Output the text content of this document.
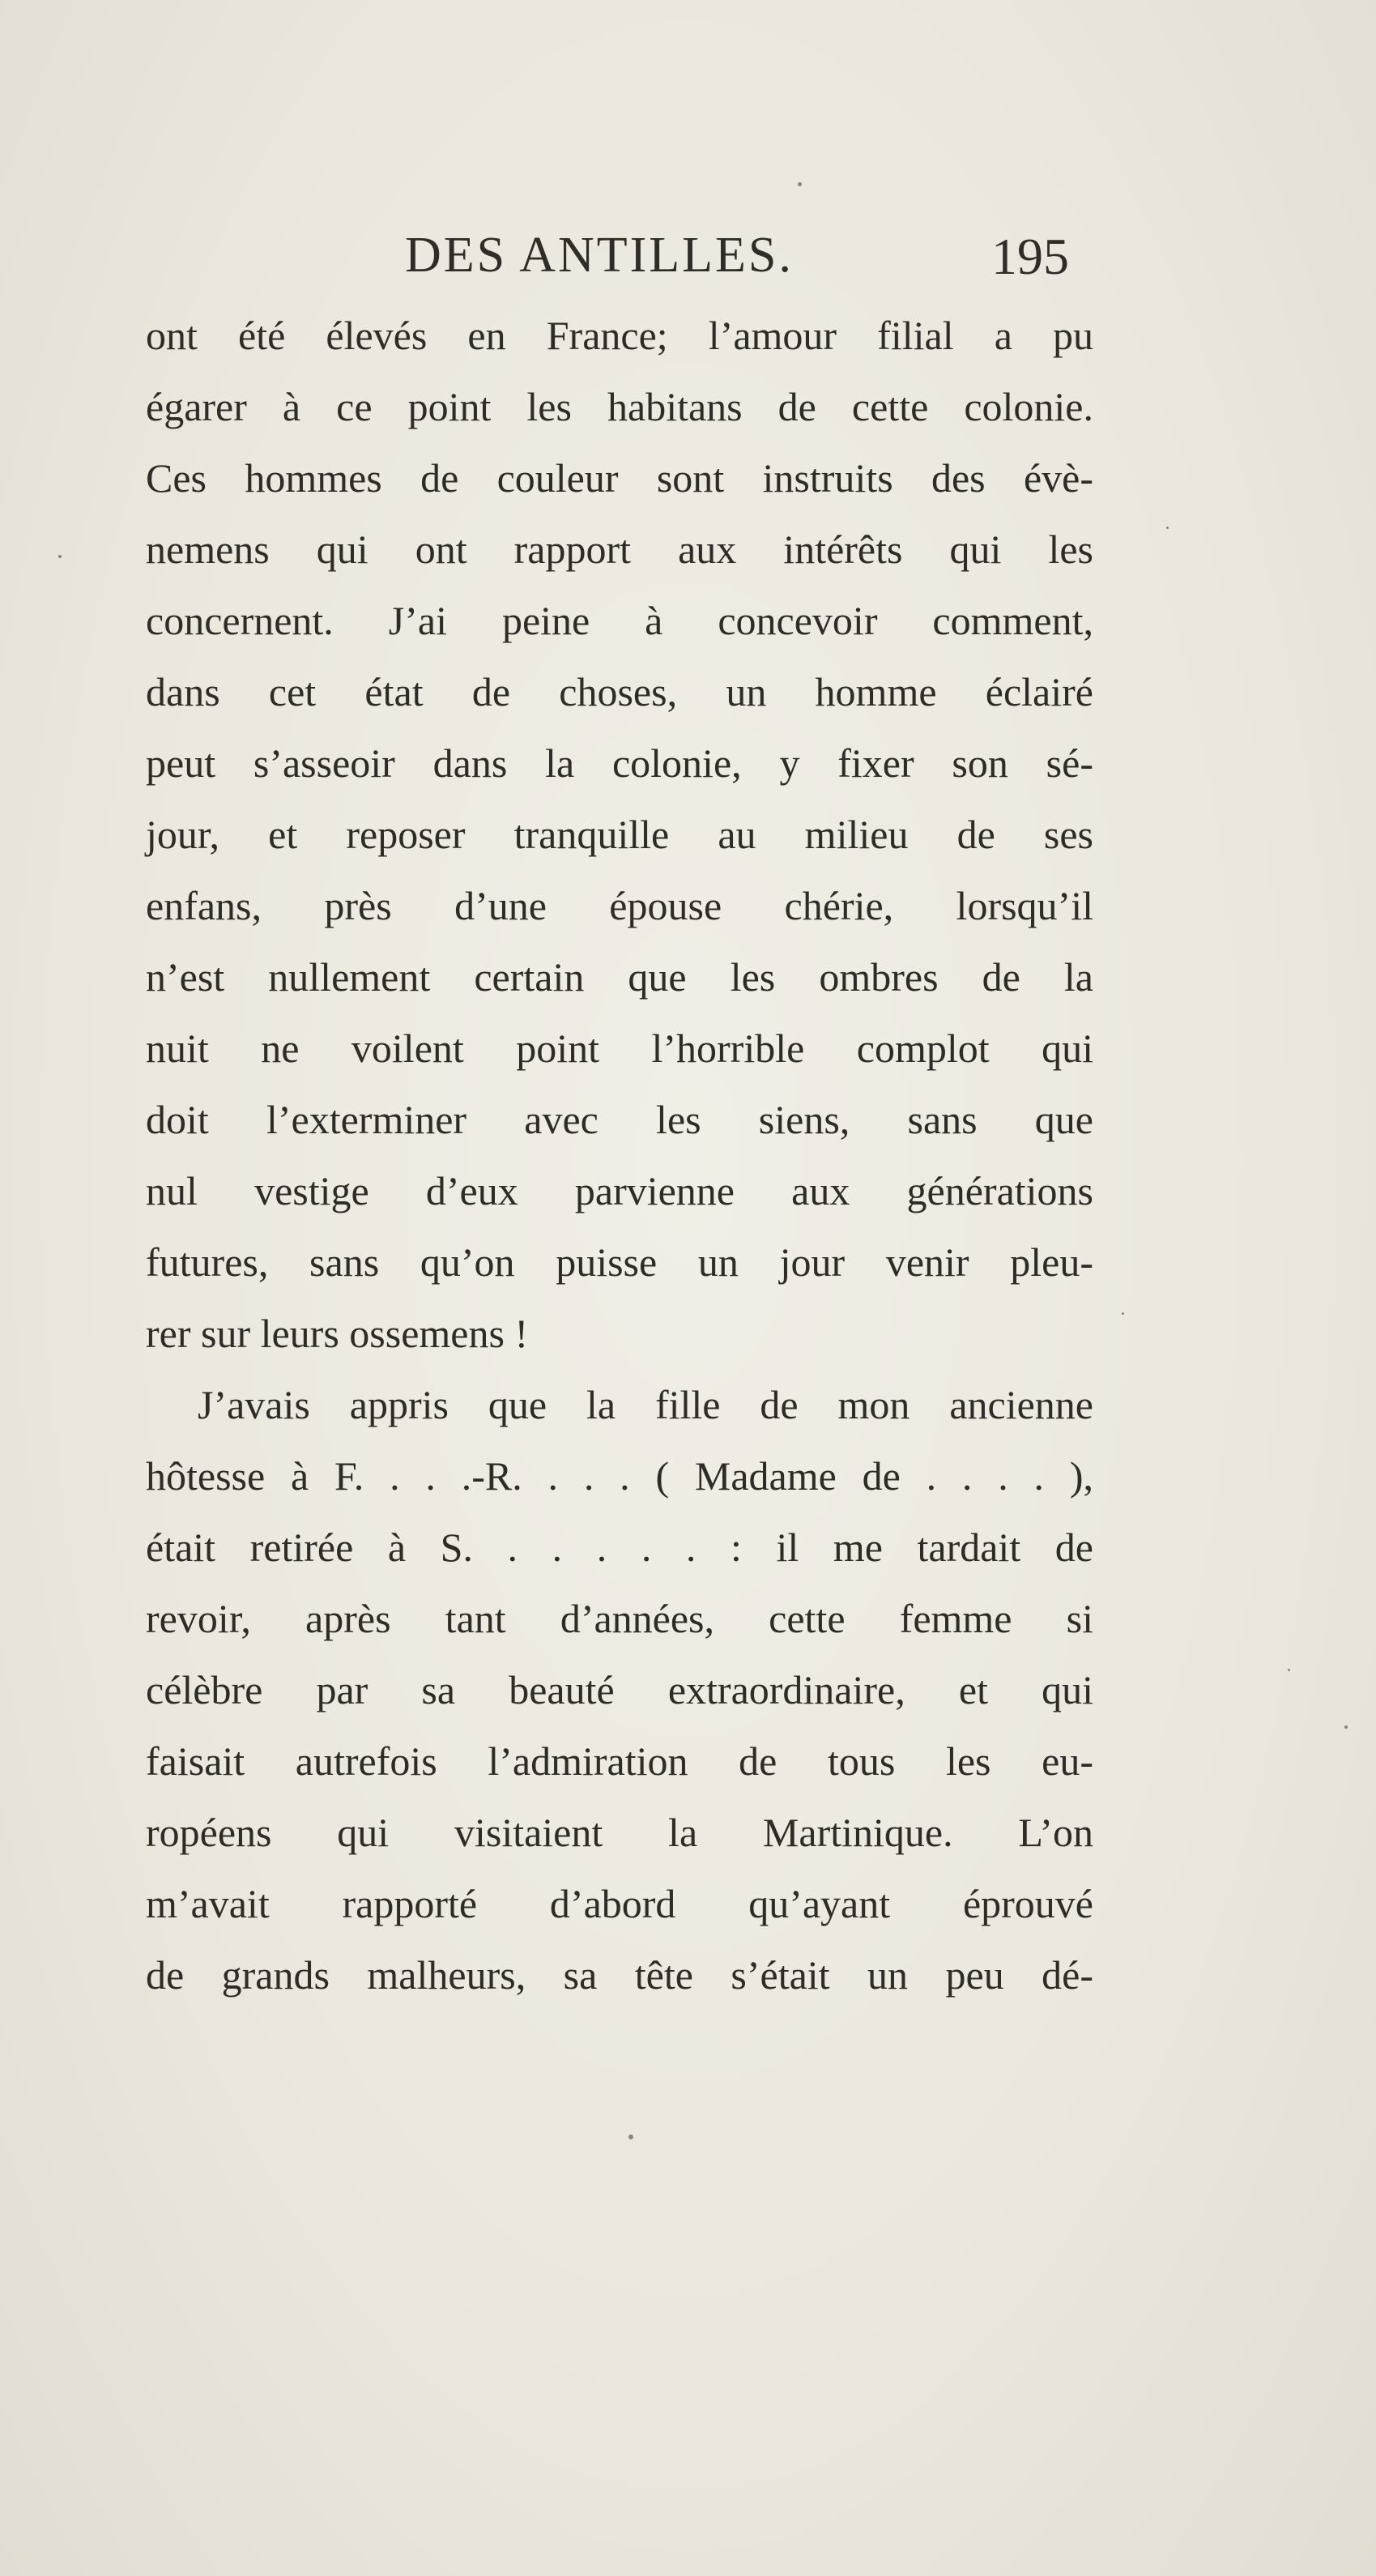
DES ANTILLES.	195
ont été élevés en France; l’amour filial a pu
égarer à ce point les habitans de cette colonie.
Ces hommes de couleur sont instruits des évè-
nemens qui ont rapport aux intérêts qui les
concernent. J’ai peine à concevoir comment,
dans cet état de choses, un homme éclairé
peut s’asseoir dans la colonie, y fixer son sé-
jour, et reposer tranquille au milieu de ses
enfans, près d’une épouse chérie, lorsqu’il
n’est nullement certain que les ombres de la
nuit ne voilent point l’horrible complot qui
doit l’exterminer avec les siens, sans que
nul vestige d’eux parvienne aux générations
futures, sans qu’on puisse un jour venir pleu-
rer sur leurs ossemens !
J’avais appris que la fille de mon ancienne
hôtesse à F. . . .-R. . . . ( Madame de . . . . ),
était retirée à S. . . . . . : il me tardait de
revoir, après tant d’années, cette femme si
célèbre par sa beauté extraordinaire, et qui
faisait autrefois l’admiration de tous les eu-
ropéens qui visitaient la Martinique. L’on
m’avait rapporté d’abord qu’ayant éprouvé
de grands malheurs, sa tête s’était un peu dé-
